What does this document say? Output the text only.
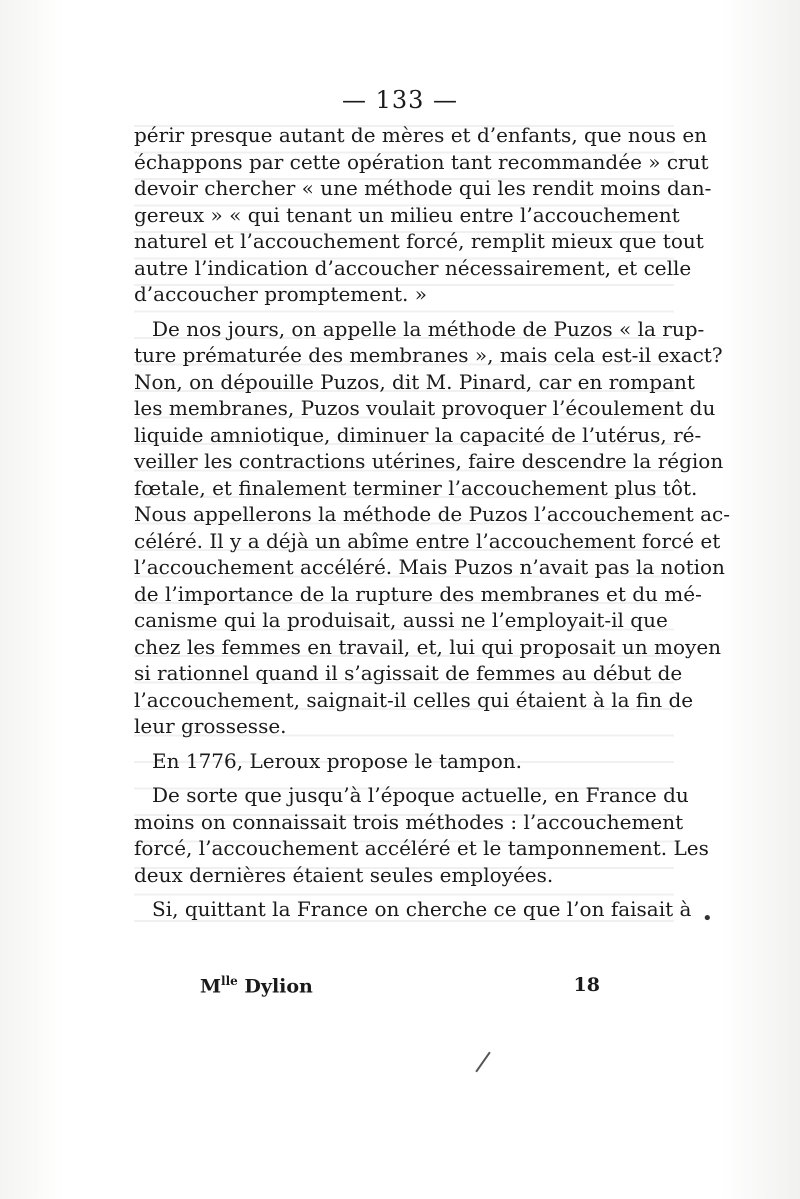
— 133 —
périr presque autant de mères et d’enfants, que nous en
échappons par cette opération tant recommandée » crut
devoir chercher « une méthode qui les rendit moins dan-
gereux » « qui tenant un milieu entre l’accouchement
naturel et l’accouchement forcé, remplit mieux que tout
autre l’indication d’accoucher nécessairement, et celle
d’accoucher promptement. »
De nos jours, on appelle la méthode de Puzos « la rup-
ture prématurée des membranes », mais cela est-il exact?
Non, on dépouille Puzos, dit M. Pinard, car en rompant
les membranes, Puzos voulait provoquer l’écoulement du
liquide amniotique, diminuer la capacité de l’utérus, ré-
veiller les contractions utérines, faire descendre la région
fœtale, et finalement terminer l’accouchement plus tôt.
Nous appellerons la méthode de Puzos l’accouchement ac-
céléré. Il y a déjà un abîme entre l’accouchement forcé et
l’accouchement accéléré. Mais Puzos n’avait pas la notion
de l’importance de la rupture des membranes et du mé-
canisme qui la produisait, aussi ne l’employait-il que
chez les femmes en travail, et, lui qui proposait un moyen
si rationnel quand il s’agissait de femmes au début de
l’accouchement, saignait-il celles qui étaient à la fin de
leur grossesse.
En 1776, Leroux propose le tampon.
De sorte que jusqu’à l’époque actuelle, en France du
moins on connaissait trois méthodes : l’accouchement
forcé, l’accouchement accéléré et le tamponnement. Les
deux dernières étaient seules employées.
Si, quittant la France on cherche ce que l’on faisait à
$M^{lle}$ Dylion	18
•
